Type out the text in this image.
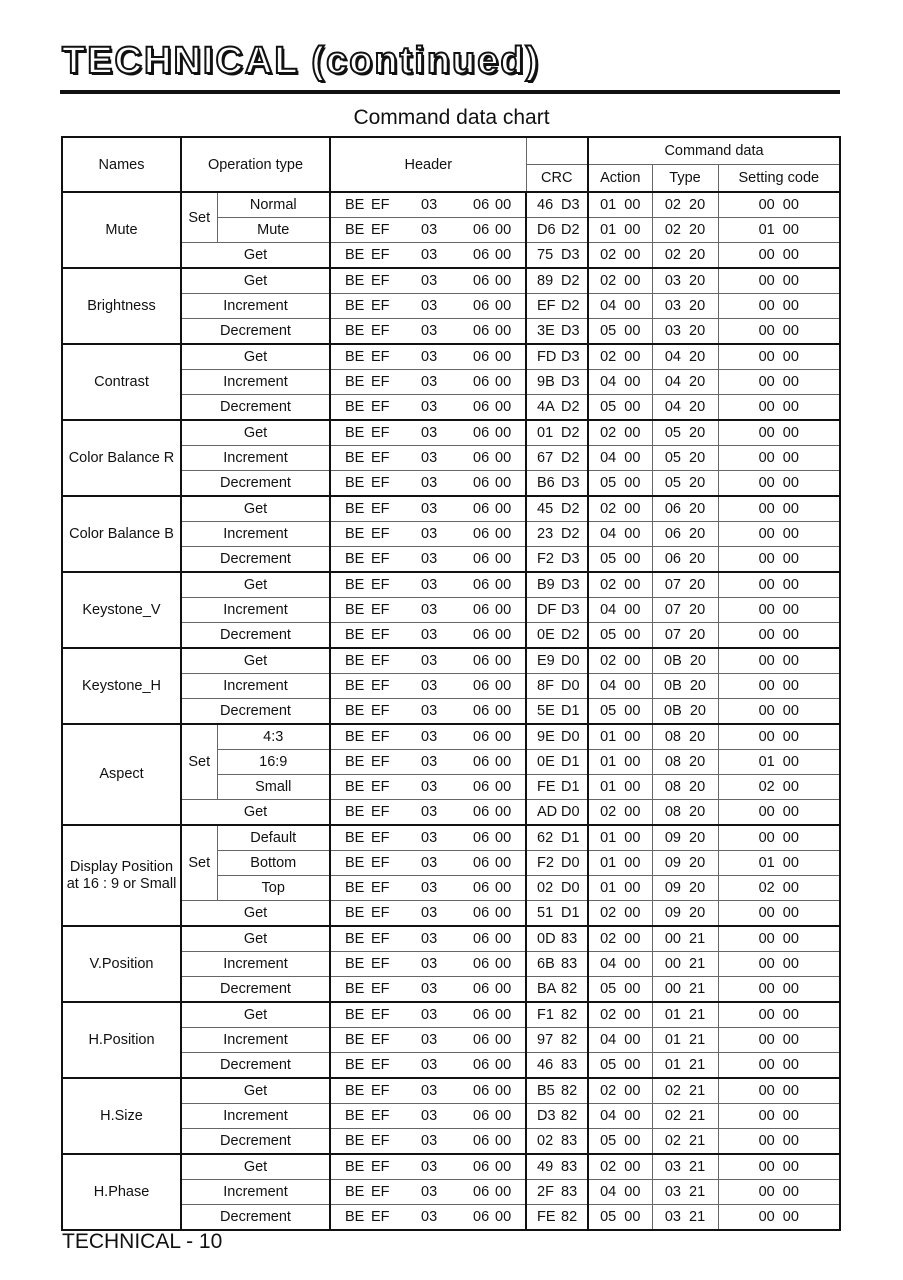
TECHNICAL (continued)
Command data chart
Names	Operation type		Header		Command data		
				CRC	Action	Type	Setting code
Mute	Set	Normal	BE EF 03 06 00	46 D3	01  00	02  20	00  00
		Mute	BE EF 03 06 00	D6 D2	01  00	02  20	01  00
	Get		BE EF 03 06 00	75 D3	02  00	02  20	00  00
Brightness	Get		BE EF 03 06 00	89 D2	02  00	03  20	00  00
	Increment		BE EF 03 06 00	EF D2	04  00	03  20	00  00
	Decrement		BE EF 03 06 00	3E D3	05  00	03  20	00  00
Contrast	Get		BE EF 03 06 00	FD D3	02  00	04  20	00  00
	Increment		BE EF 03 06 00	9B D3	04  00	04  20	00  00
	Decrement		BE EF 03 06 00	4A D2	05  00	04  20	00  00
Color Balance R	Get		BE EF 03 06 00	01 D2	02  00	05  20	00  00
	Increment		BE EF 03 06 00	67 D2	04  00	05  20	00  00
	Decrement		BE EF 03 06 00	B6 D3	05  00	05  20	00  00
Color Balance B	Get		BE EF 03 06 00	45 D2	02  00	06  20	00  00
	Increment		BE EF 03 06 00	23 D2	04  00	06  20	00  00
	Decrement		BE EF 03 06 00	F2 D3	05  00	06  20	00  00
Keystone_V	Get		BE EF 03 06 00	B9 D3	02  00	07  20	00  00
	Increment		BE EF 03 06 00	DF D3	04  00	07  20	00  00
	Decrement		BE EF 03 06 00	0E D2	05  00	07  20	00  00
Keystone_H	Get		BE EF 03 06 00	E9 D0	02  00	0B  20	00  00
	Increment		BE EF 03 06 00	8F D0	04  00	0B  20	00  00
	Decrement		BE EF 03 06 00	5E D1	05  00	0B  20	00  00
Aspect	Set	4:3	BE EF 03 06 00	9E D0	01  00	08  20	00  00
		16:9	BE EF 03 06 00	0E D1	01  00	08  20	01  00
		Small	BE EF 03 06 00	FE D1	01  00	08  20	02  00
	Get		BE EF 03 06 00	AD D0	02  00	08  20	00  00
Display Position at 16 : 9 or Small	Set	Default	BE EF 03 06 00	62 D1	01  00	09  20	00  00
		Bottom	BE EF 03 06 00	F2 D0	01  00	09  20	01  00
		Top	BE EF 03 06 00	02 D0	01  00	09  20	02  00
	Get		BE EF 03 06 00	51 D1	02  00	09  20	00  00
V.Position	Get		BE EF 03 06 00	0D 83	02  00	00  21	00  00
	Increment		BE EF 03 06 00	6B 83	04  00	00  21	00  00
	Decrement		BE EF 03 06 00	BA 82	05  00	00  21	00  00
H.Position	Get		BE EF 03 06 00	F1 82	02  00	01  21	00  00
	Increment		BE EF 03 06 00	97 82	04  00	01  21	00  00
	Decrement		BE EF 03 06 00	46 83	05  00	01  21	00  00
H.Size	Get		BE EF 03 06 00	B5 82	02  00	02  21	00  00
	Increment		BE EF 03 06 00	D3 82	04  00	02  21	00  00
	Decrement		BE EF 03 06 00	02 83	05  00	02  21	00  00
H.Phase	Get		BE EF 03 06 00	49 83	02  00	03  21	00  00
	Increment		BE EF 03 06 00	2F 83	04  00	03  21	00  00
	Decrement		BE EF 03 06 00	FE 82	05  00	03  21	00  00
TECHNICAL - 10
